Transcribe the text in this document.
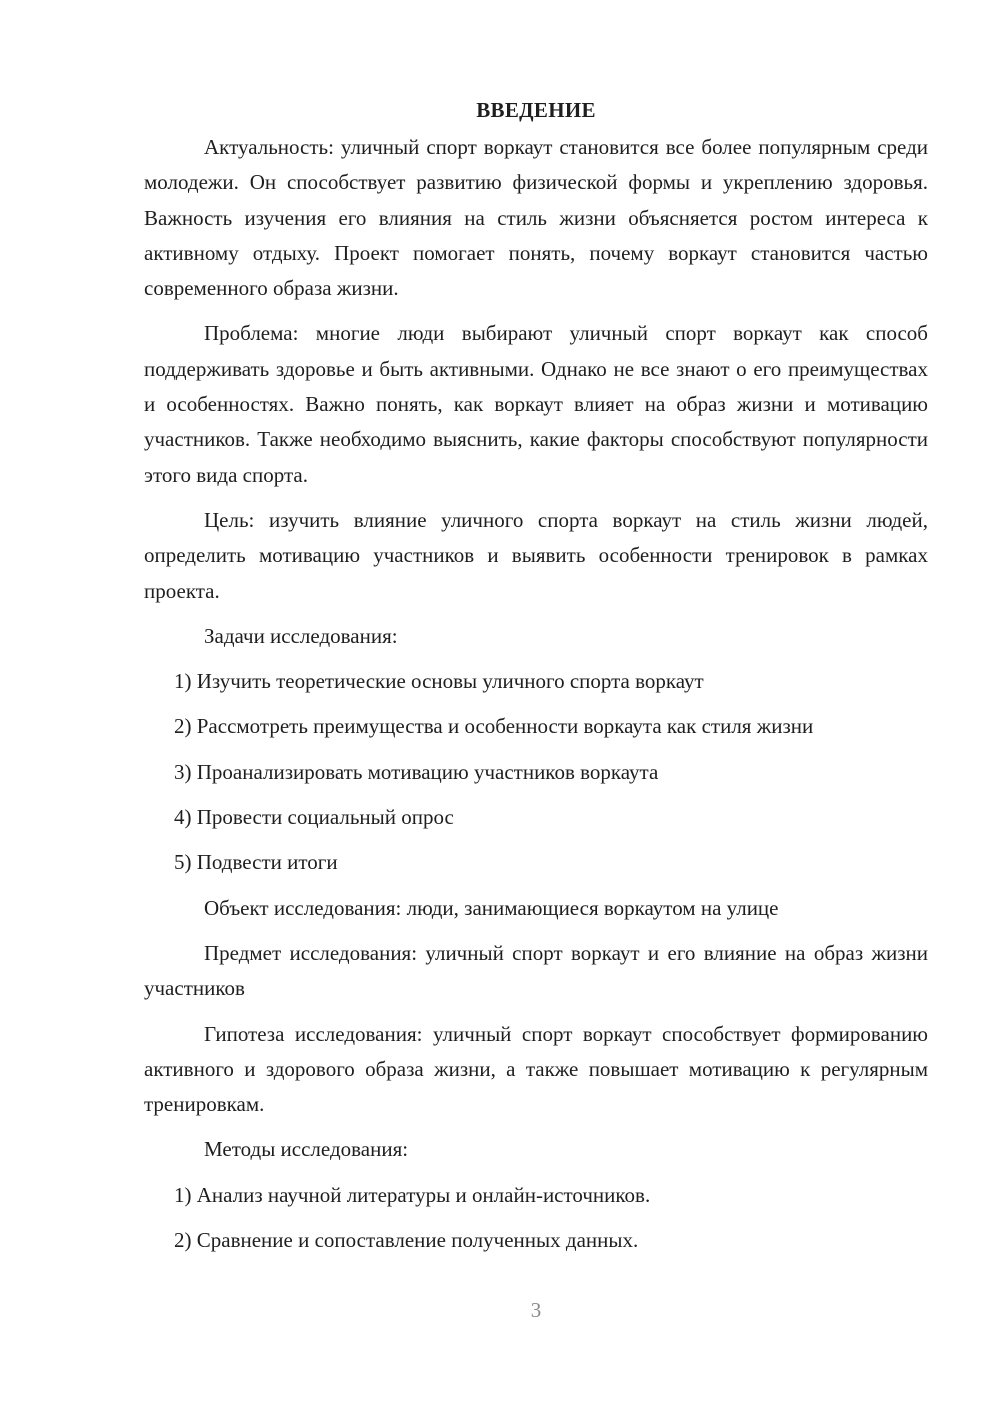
ВВЕДЕНИЕ

Актуальность: уличный спорт воркаут становится все более популярным среди молодежи. Он способствует развитию физической формы и укреплению здоровья. Важность изучения его влияния на стиль жизни объясняется ростом интереса к активному отдыху. Проект помогает понять, почему воркаут становится частью современного образа жизни.

Проблема: многие люди выбирают уличный спорт воркаут как способ поддерживать здоровье и быть активными. Однако не все знают о его преимуществах и особенностях. Важно понять, как воркаут влияет на образ жизни и мотивацию участников. Также необходимо выяснить, какие факторы способствуют популярности этого вида спорта.

Цель: изучить влияние уличного спорта воркаут на стиль жизни людей, определить мотивацию участников и выявить особенности тренировок в рамках проекта.

Задачи исследования:
1) Изучить теоретические основы уличного спорта воркаут
2) Рассмотреть преимущества и особенности воркаута как стиля жизни
3) Проанализировать мотивацию участников воркаута
4) Провести социальный опрос
5) Подвести итоги
Объект исследования: люди, занимающиеся воркаутом на улице

Предмет исследования: уличный спорт воркаут и его влияние на образ жизни участников

Гипотеза исследования: уличный спорт воркаут способствует формированию активного и здорового образа жизни, а также повышает мотивацию к регулярным тренировкам.

Методы исследования:
1) Анализ научной литературы и онлайн-источников.
2) Сравнение и сопоставление полученных данных.
3
